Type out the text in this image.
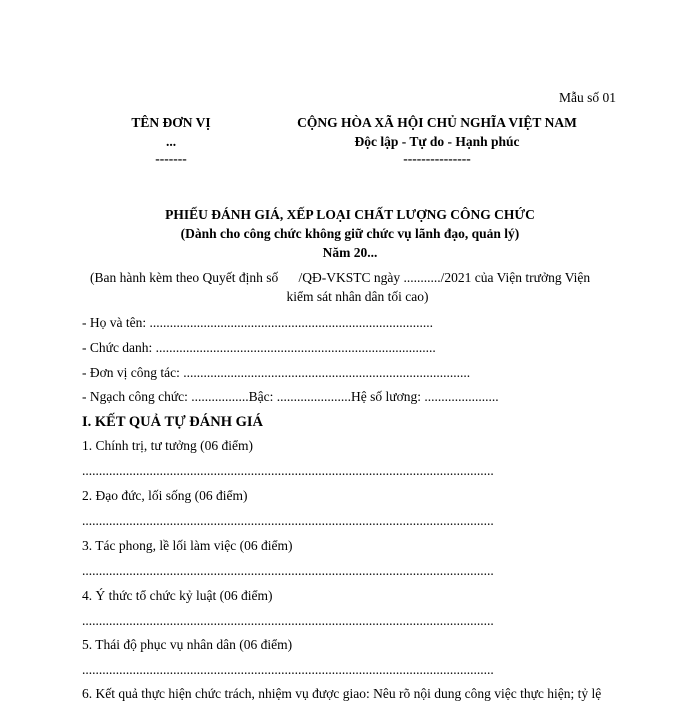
Mẫu số 01
TÊN ĐƠN VỊ
...
-------
CỘNG HÒA XÃ HỘI CHỦ NGHĨA VIỆT NAM
Độc lập - Tự do - Hạnh phúc
---------------
PHIẾU ĐÁNH GIÁ, XẾP LOẠI CHẤT LƯỢNG CÔNG CHỨC
(Dành cho công chức không giữ chức vụ lãnh đạo, quản lý)
Năm 20...
(Ban hành kèm theo Quyết định số      /QĐ-VKSTC ngày .........../2021 của Viện trưởng Viện
kiểm sát nhân dân tối cao)
- Họ và tên: ....................................................................................
- Chức danh: ...................................................................................
- Đơn vị công tác: .....................................................................................
- Ngạch công chức: .................Bậc: ......................Hệ số lương: ......................
I. KẾT QUẢ TỰ ĐÁNH GIÁ
1. Chính trị, tư tưởng (06 điểm)
..........................................................................................................................
2. Đạo đức, lối sống (06 điểm)
..........................................................................................................................
3. Tác phong, lề lối làm việc (06 điểm)
..........................................................................................................................
4. Ý thức tổ chức kỷ luật (06 điểm)
..........................................................................................................................
5. Thái độ phục vụ nhân dân (06 điểm)
..........................................................................................................................
6. Kết quả thực hiện chức trách, nhiệm vụ được giao: Nêu rõ nội dung công việc thực hiện; tỷ lệ
